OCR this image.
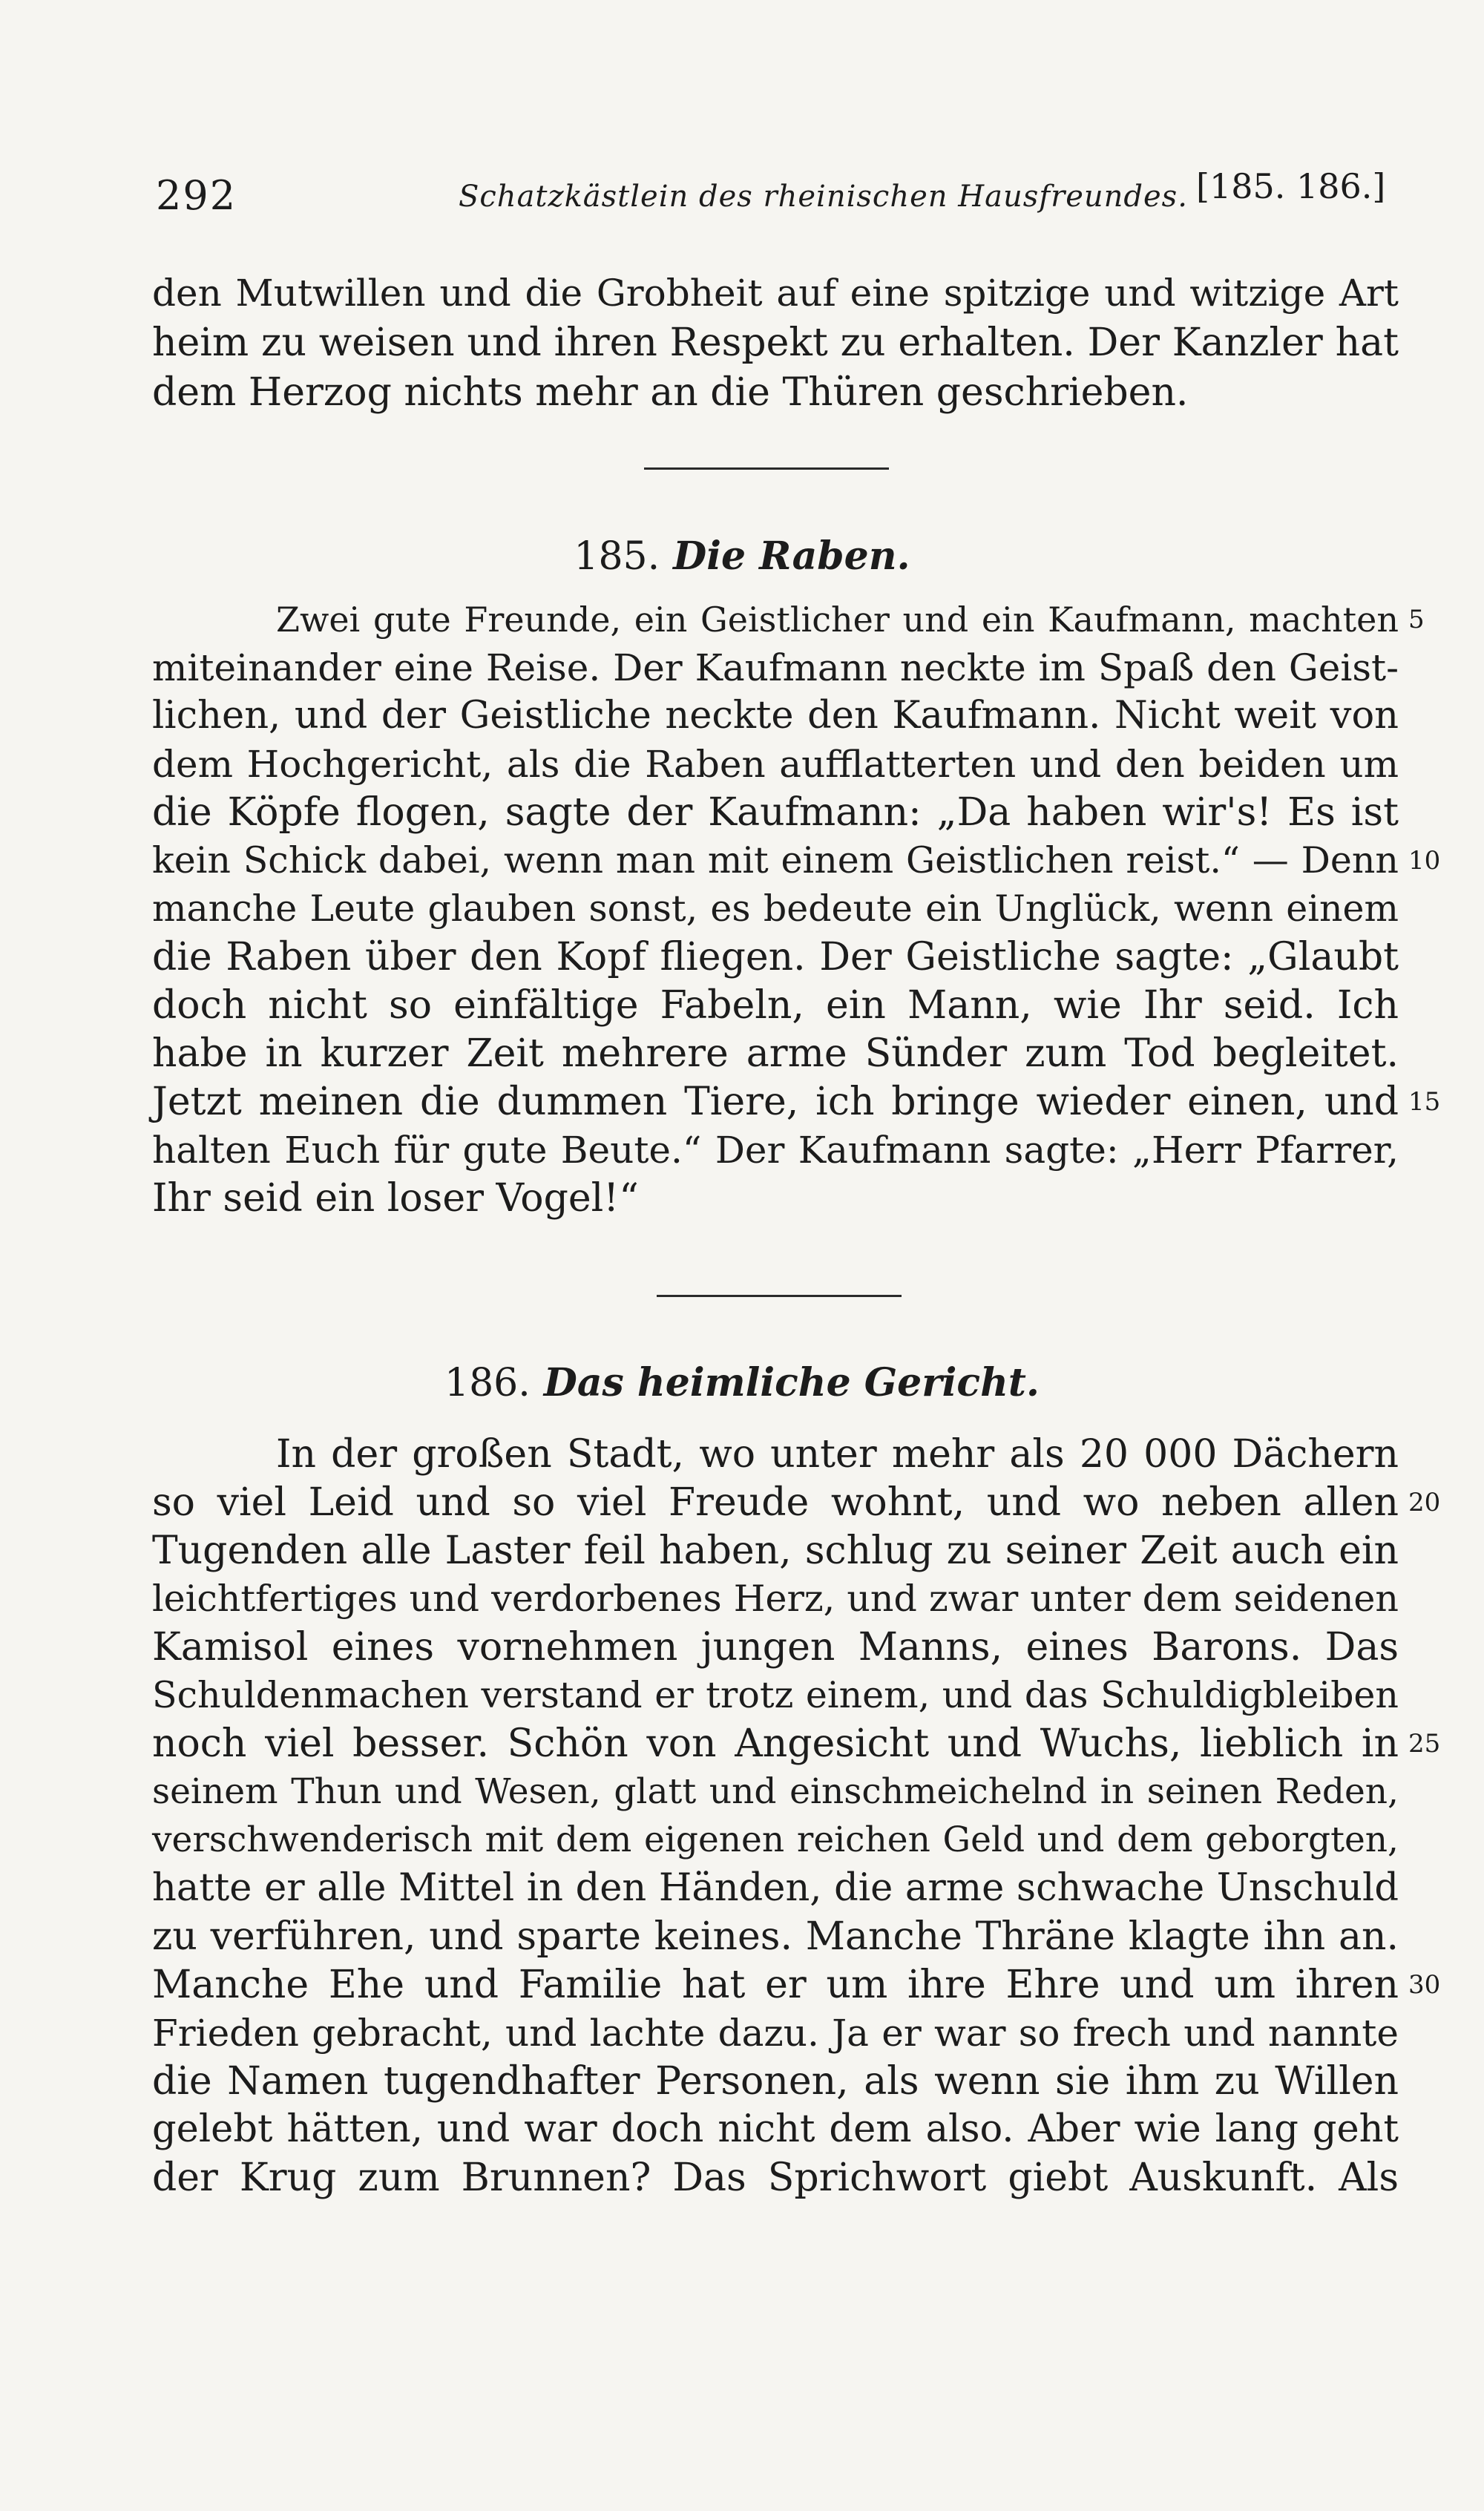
292	Schatzkästlein des rheinischen Hausfreundes. [185. 186.]
den Mutwillen und die Grobheit auf eine spitzige und witzige Art
heim zu weisen und ihren Respekt zu erhalten. Der Kanzler hat
dem Herzog nichts mehr an die Thüren geschrieben.
185. Die Raben.
Zwei gute Freunde, ein Geistlicher und ein Kaufmann, machten
miteinander eine Reise. Der Kaufmann neckte im Spaß den Geist-
lichen, und der Geistliche neckte den Kaufmann. Nicht weit von
dem Hochgericht, als die Raben aufflatterten und den beiden um
die Köpfe flogen, sagte der Kaufmann: „Da haben wir's! Es ist
kein Schick dabei, wenn man mit einem Geistlichen reist.“ — Denn
manche Leute glauben sonst, es bedeute ein Unglück, wenn einem
die Raben über den Kopf fliegen. Der Geistliche sagte: „Glaubt
doch nicht so einfältige Fabeln, ein Mann, wie Ihr seid. Ich
habe in kurzer Zeit mehrere arme Sünder zum Tod begleitet.
Jetzt meinen die dummen Tiere, ich bringe wieder einen, und
halten Euch für gute Beute.“ Der Kaufmann sagte: „Herr Pfarrer,
Ihr seid ein loser Vogel!“
186. Das heimliche Gericht.
In der großen Stadt, wo unter mehr als 20 000 Dächern
so viel Leid und so viel Freude wohnt, und wo neben allen
Tugenden alle Laster feil haben, schlug zu seiner Zeit auch ein
leichtfertiges und verdorbenes Herz, und zwar unter dem seidenen
Kamisol eines vornehmen jungen Manns, eines Barons. Das
Schuldenmachen verstand er trotz einem, und das Schuldigbleiben
noch viel besser. Schön von Angesicht und Wuchs, lieblich in
seinem Thun und Wesen, glatt und einschmeichelnd in seinen Reden,
verschwenderisch mit dem eigenen reichen Geld und dem geborgten,
hatte er alle Mittel in den Händen, die arme schwache Unschuld
zu verführen, und sparte keines. Manche Thräne klagte ihn an.
Manche Ehe und Familie hat er um ihre Ehre und um ihren
Frieden gebracht, und lachte dazu. Ja er war so frech und nannte
die Namen tugendhafter Personen, als wenn sie ihm zu Willen
gelebt hätten, und war doch nicht dem also. Aber wie lang geht
der Krug zum Brunnen? Das Sprichwort giebt Auskunft. Als
5
10
15
20
25
30
